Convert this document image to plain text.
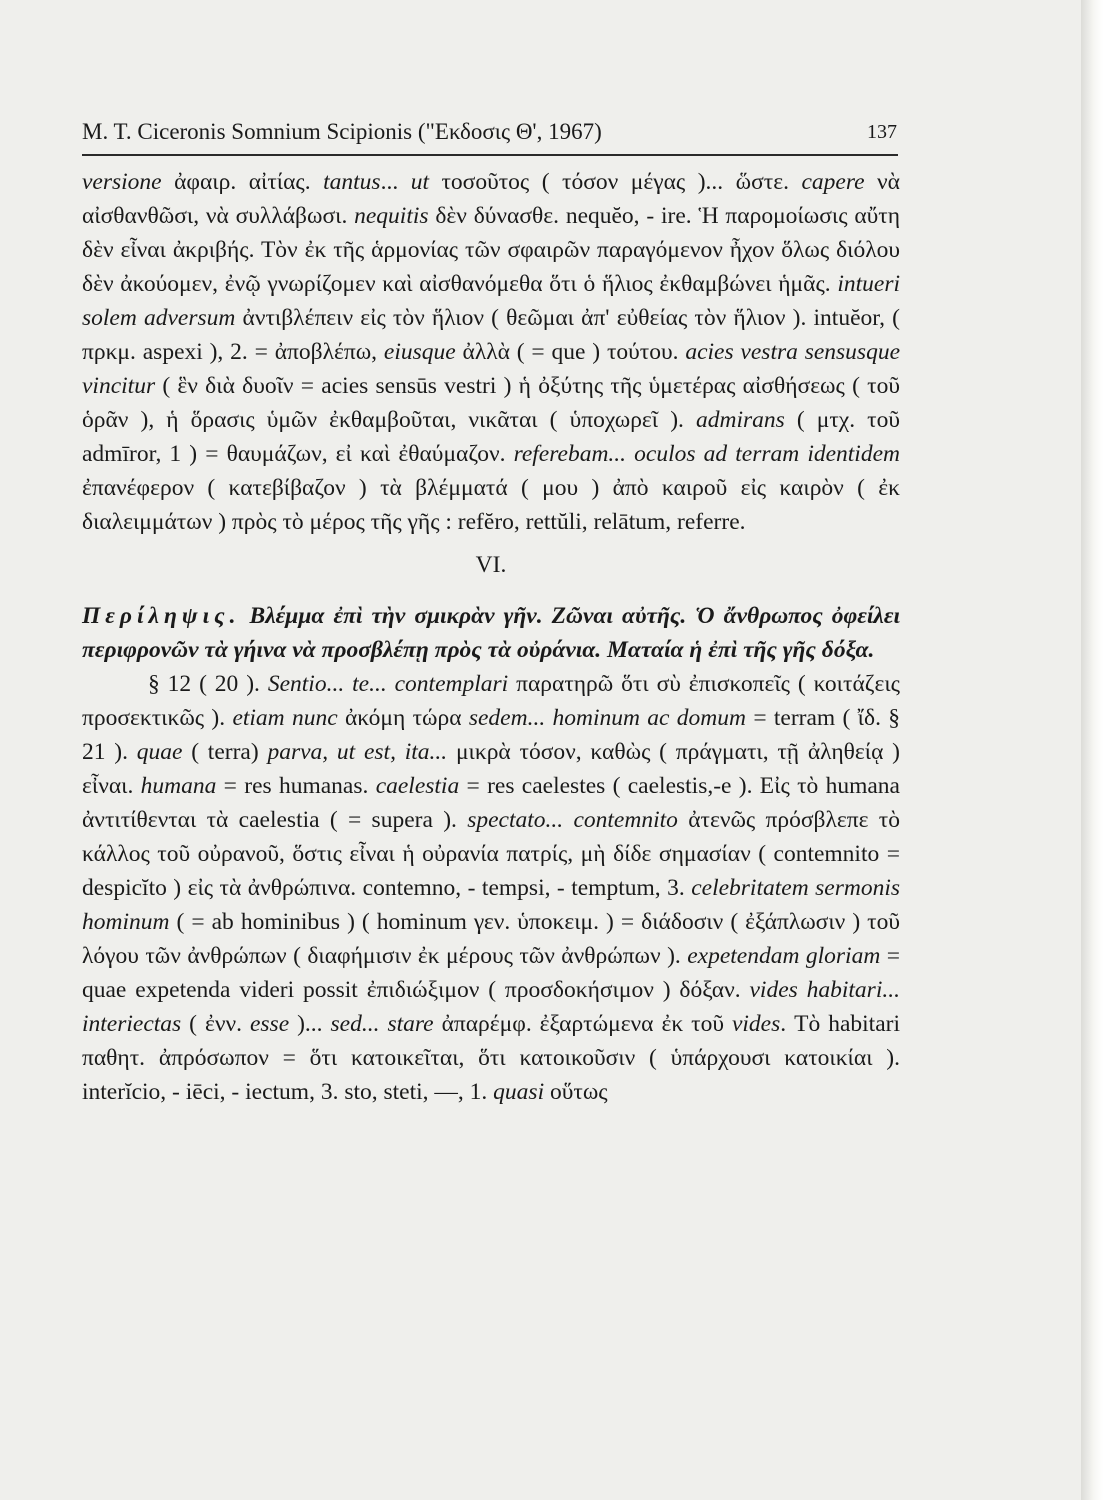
M. T. Ciceronis Somnium Scipionis ("Εκδοσις Θ', 1967)	137

versione ἀφαιρ. αἰτίας. tantus... ut τοσοῦτος ( τόσον μέγας )... ὥστε. capere νὰ αἰσθανθῶσι, νὰ συλλάβωσι. nequitis δὲν δύνασθε. nequĕo, - ire. Ἡ παρομοίωσις αὔτη δὲν εἶναι ἀκριβής. Τὸν ἐκ τῆς ἁρμονίας τῶν σφαιρῶν παραγόμενον ἦχον ὅλως διόλου δὲν ἀκούομεν, ἐνῷ γνωρίζομεν καὶ αἰσθανόμεθα ὅτι ὁ ἥλιος ἐκθαμβώνει ἡμᾶς. intueri solem adversum ἀντιβλέπειν εἰς τὸν ἥλιον ( θεῶμαι ἀπ' εὐθείας τὸν ἥλιον ). intuĕor, ( πρκμ. aspexi ), 2. = ἀποβλέπω, eiusque ἀλλὰ ( = que ) τούτου. acies vestra sensusque vincitur ( ἓν διὰ δυοῖν = acies sensūs vestri ) ἡ ὀξύτης τῆς ὑμετέρας αἰσθήσεως ( τοῦ ὁρᾶν ), ἡ ὅρασις ὑμῶν ἐκθαμβοῦται, νικᾶται ( ὑποχωρεῖ ). admirans ( μτχ. τοῦ admīror, 1 ) = θαυμάζων, εἰ καὶ ἐθαύμαζον. referebam... oculos ad terram identidem ἐπανέφερον ( κατεβίβαζον ) τὰ βλέμματά ( μου ) ἀπὸ καιροῦ εἰς καιρὸν ( ἐκ διαλειμμάτων ) πρὸς τὸ μέρος τῆς γῆς : refĕro, rettŭli, relātum, referre.

VI.

Περίληψις. Βλέμμα ἐπὶ τὴν σμικρὰν γῆν. Ζῶναι αὐτῆς. Ὁ ἄνθρωπος ὀφείλει περιφρονῶν τὰ γήινα νὰ προσβλέπῃ πρὸς τὰ οὐράνια. Ματαία ἡ ἐπὶ τῆς γῆς δόξα.

§ 12 ( 20 ). Sentio... te... contemplari παρατηρῶ ὅτι σὺ ἐπισκοπεῖς ( κοιτάζεις προσεκτικῶς ). etiam nunc ἀκόμη τώρα sedem... hominum ac domum = terram ( ἴδ. § 21 ). quae ( terra) parva, ut est, ita... μικρὰ τόσον, καθὼς ( πράγματι, τῇ ἀληθείᾳ ) εἶναι. humana = res humanas. caelestia = res caelestes ( caelestis,-e ). Εἰς τὸ humana ἀντιτίθενται τὰ caelestia ( = supera ). spectato... contemnito ἀτενῶς πρόσβλεπε τὸ κάλλος τοῦ οὐρανοῦ, ὅστις εἶναι ἡ οὐρανία πατρίς, μὴ δίδε σημασίαν ( contemnito = despicĭto ) εἰς τὰ ἀνθρώπινα. contemno, - tempsi, - temptum, 3. celebritatem sermonis hominum ( = ab hominibus ) ( hominum γεν. ὑποκειμ. ) = διάδοσιν ( ἐξάπλωσιν ) τοῦ λόγου τῶν ἀνθρώπων ( διαφήμισιν ἐκ μέρους τῶν ἀνθρώπων ). expetendam gloriam = quae expetenda videri possit ἐπιδιώξιμον ( προσδοκήσιμον ) δόξαν. vides habitari... interiectas ( ἐνν. esse )... sed... stare ἀπαρέμφ. ἐξαρτώμενα ἐκ τοῦ vides. Τὸ habitari παθητ. ἀπρόσωπον = ὅτι κατοικεῖται, ὅτι κατοικοῦσιν ( ὑπάρχουσι κατοικίαι ). interĭcio, - iēci, - iectum, 3. sto, steti, —, 1. quasi οὕτως
